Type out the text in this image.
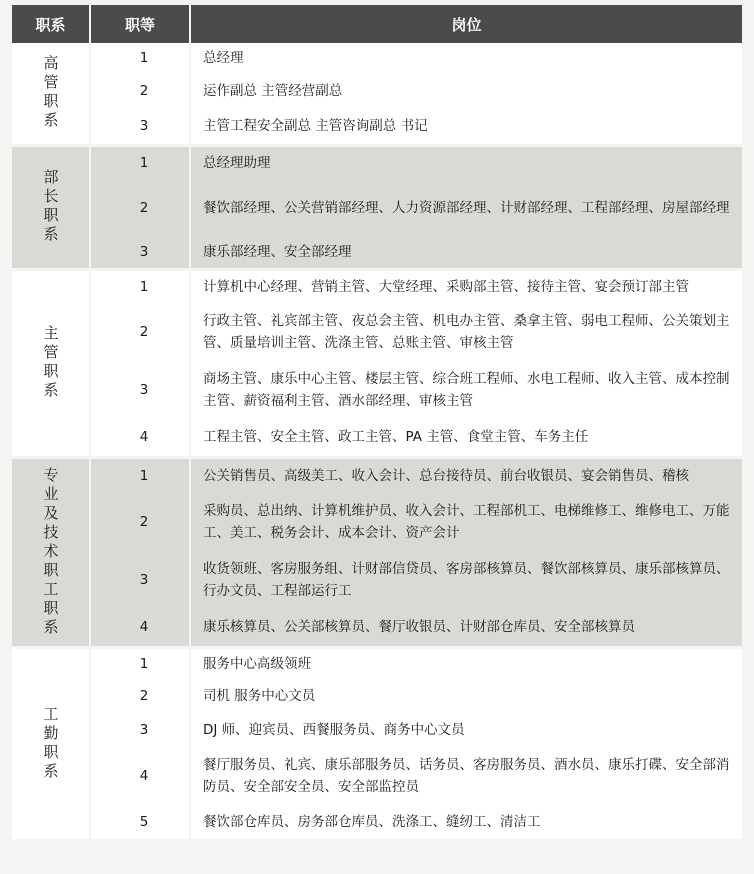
职系	职等	岗位
高管职系	1	总经理
	2	运作副总 主管经营副总
	3	主管工程安全副总 主管咨询副总 书记
部长职系	1	总经理助理
	2	餐饮部经理、公关营销部经理、人力资源部经理、计财部经理、工程部经理、房屋部经理
	3	康乐部经理、安全部经理
主管职系	1	计算机中心经理、营销主管、大堂经理、采购部主管、接待主管、宴会预订部主管
	2	行政主管、礼宾部主管、夜总会主管、机电办主管、桑拿主管、弱电工程师、公关策划主管、质量培训主管、洗涤主管、总账主管、审核主管
	3	商场主管、康乐中心主管、楼层主管、综合班工程师、水电工程师、收入主管、成本控制主管、薪资福利主管、酒水部经理、审核主管
	4	工程主管、安全主管、政工主管、PA 主管、食堂主管、车务主任
专业及技术职工职系	1	公关销售员、高级美工、收入会计、总台接待员、前台收银员、宴会销售员、稽核
	2	采购员、总出纳、计算机维护员、收入会计、工程部机工、电梯维修工、维修电工、万能工、美工、税务会计、成本会计、资产会计
	3	收货领班、客房服务组、计财部信贷员、客房部核算员、餐饮部核算员、康乐部核算员、行办文员、工程部运行工
	4	康乐核算员、公关部核算员、餐厅收银员、计财部仓库员、安全部核算员
工勤职系	1	服务中心高级领班
	2	司机 服务中心文员
	3	DJ 师、迎宾员、西餐服务员、商务中心文员
	4	餐厅服务员、礼宾、康乐部服务员、话务员、客房服务员、酒水员、康乐打碟、安全部消防员、安全部安全员、安全部监控员
	5	餐饮部仓库员、房务部仓库员、洗涤工、缝纫工、清洁工
